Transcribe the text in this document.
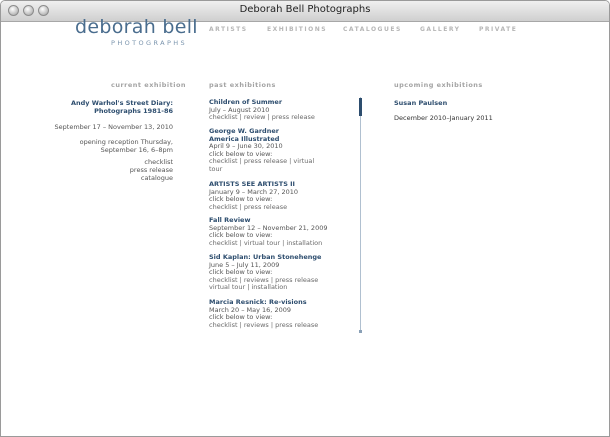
Deborah Bell Photographs
deborah bell
PHOTOGRAPHS
ARTISTS	EXHIBITIONS	CATALOGUES	GALLERY	PRIVATE
current exhibition	past exhibitions	upcoming exhibitions
Andy Warhol's Street Diary:
Photographs 1981-86
September 17 – November 13, 2010
opening reception Thursday,
September 16, 6–8pm
checklist
press release
catalogue
Children of Summer
July – August 2010
checklist | review | press release
George W. Gardner
America Illustrated
April 9 – June 30, 2010
click below to view:
checklist | press release | virtual
tour
ARTISTS SEE ARTISTS II
January 9 – March 27, 2010
click below to view:
checklist | press release
Fall Review
September 12 – November 21, 2009
click below to view:
checklist | virtual tour | installation
Sid Kaplan: Urban Stonehenge
June 5 – July 11, 2009
click below to view:
checklist | reviews | press release
virtual tour | installation
Marcia Resnick: Re-visions
March 20 – May 16, 2009
click below to view:
checklist | reviews | press release
Susan Paulsen
December 2010–January 2011
